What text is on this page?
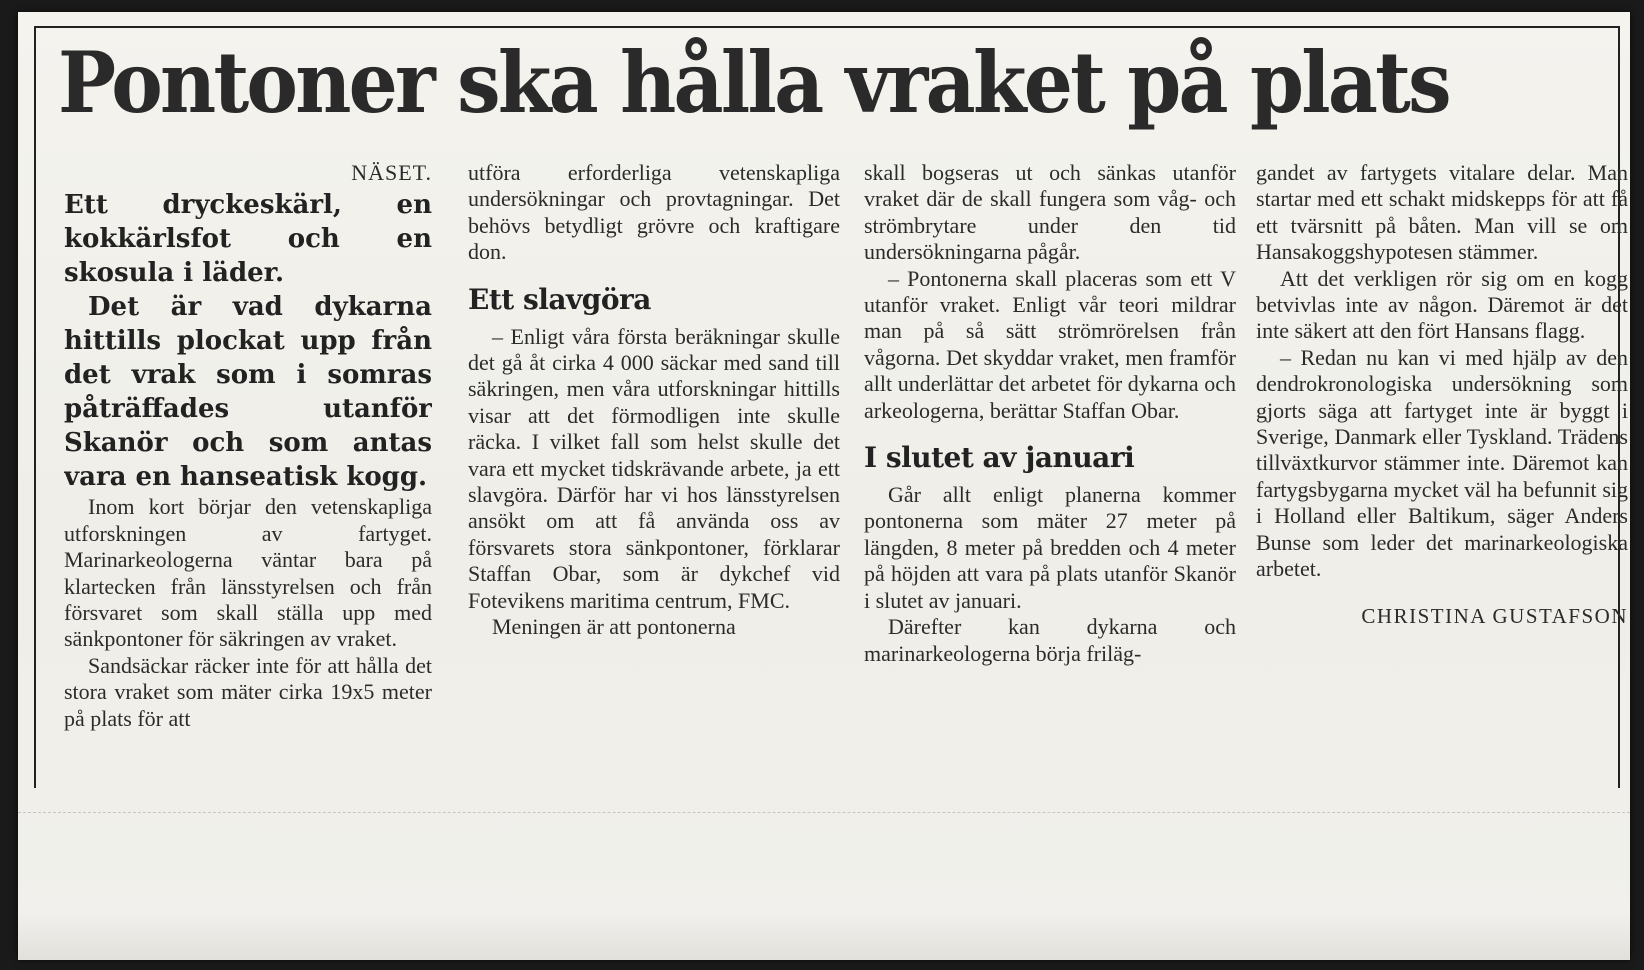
Pontoner ska hålla vraket på plats
NÄSET.

Ett dryckeskärl, en kokkärlsfot och en skosula i läder.

Det är vad dykarna hittills plockat upp från det vrak som i somras påträffades utanför Skanör och som antas vara en hanseatisk kogg.

Inom kort börjar den vetenskapliga utforskningen av fartyget. Marinarkeologerna väntar bara på klartecken från länsstyrelsen och från försvaret som skall ställa upp med sänkpontoner för säkringen av vraket.

Sandsäckar räcker inte för att hålla det stora vraket som mäter cirka 19x5 meter på plats för att

utföra erforderliga vetenskapliga undersökningar och provtagningar. Det behövs betydligt grövre och kraftigare don.

Ett slavgöra

– Enligt våra första beräkningar skulle det gå åt cirka 4 000 säckar med sand till säkringen, men våra utforskningar hittills visar att det förmodligen inte skulle räcka. I vilket fall som helst skulle det vara ett mycket tidskrävande arbete, ja ett slavgöra. Därför har vi hos länsstyrelsen ansökt om att få använda oss av försvarets stora sänkpontoner, förklarar Staffan Obar, som är dykchef vid Fotevikens maritima centrum, FMC.

Meningen är att pontonerna

skall bogseras ut och sänkas utanför vraket där de skall fungera som våg- och strömbrytare under den tid undersökningarna pågår.

– Pontonerna skall placeras som ett V utanför vraket. Enligt vår teori mildrar man på så sätt strömrörelsen från vågorna. Det skyddar vraket, men framför allt underlättar det arbetet för dykarna och arkeologerna, berättar Staffan Obar.

I slutet av januari

Går allt enligt planerna kommer pontonerna som mäter 27 meter på längden, 8 meter på bredden och 4 meter på höjden att vara på plats utanför Skanör i slutet av januari.

Därefter kan dykarna och marinarkeologerna börja friläg-

gandet av fartygets vitalare delar. Man startar med ett schakt midskepps för att få ett tvärsnitt på båten. Man vill se om Hansakoggshypotesen stämmer.

Att det verkligen rör sig om en kogg betvivlas inte av någon. Däremot är det inte säkert att den fört Hansans flagg.

– Redan nu kan vi med hjälp av den dendrokronologiska undersökning som gjorts säga att fartyget inte är byggt i Sverige, Danmark eller Tyskland. Trädens tillväxtkurvor stämmer inte. Däremot kan fartygsbygarna mycket väl ha befunnit sig i Holland eller Baltikum, säger Anders Bunse som leder det marinarkeologiska arbetet.

CHRISTINA GUSTAFSON
